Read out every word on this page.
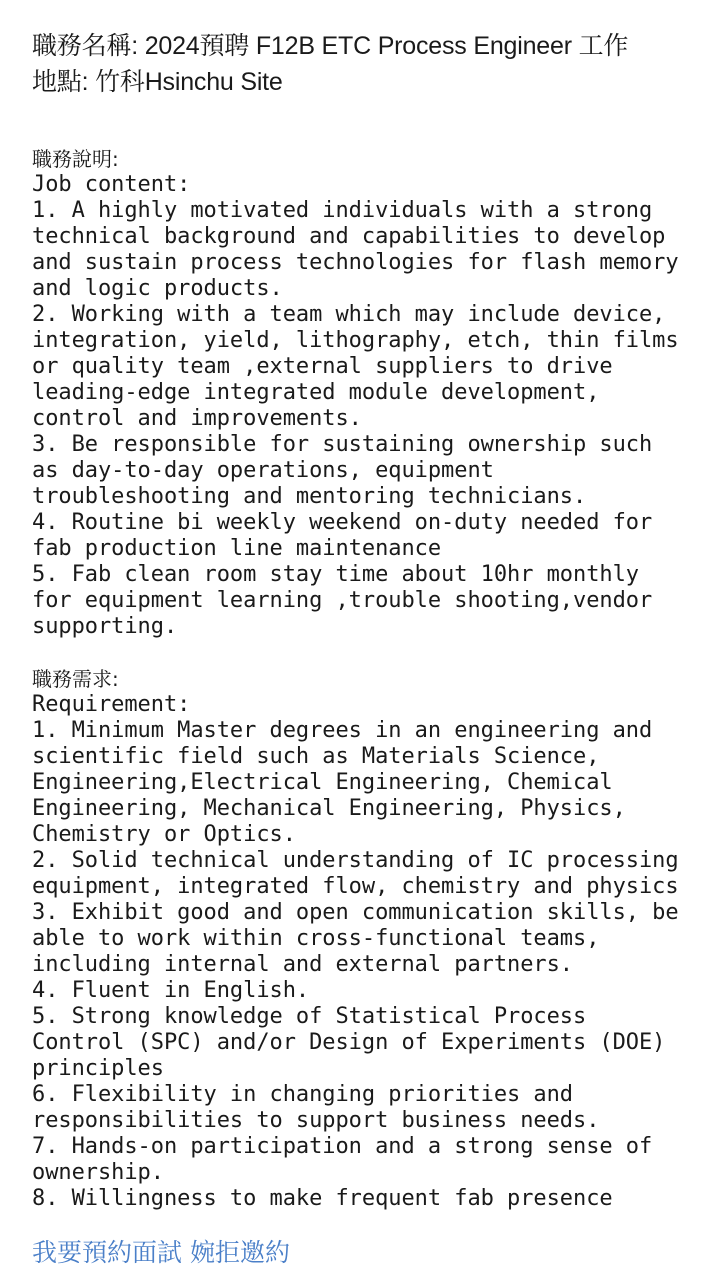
職務名稱: 2024預聘 F12B ETC Process Engineer 工作
地點: 竹科Hsinchu Site
職務說明:
Job content:
1. A highly motivated individuals with a strong
technical background and capabilities to develop
and sustain process technologies for flash memory
and logic products.
2. Working with a team which may include device,
integration, yield, lithography, etch, thin films
or quality team ,external suppliers to drive
leading-edge integrated module development,
control and improvements.
3. Be responsible for sustaining ownership such
as day-to-day operations, equipment
troubleshooting and mentoring technicians.
4. Routine bi weekly weekend on-duty needed for
fab production line maintenance
5. Fab clean room stay time about 10hr monthly
for equipment learning ,trouble shooting,vendor
supporting.
職務需求:
Requirement:
1. Minimum Master degrees in an engineering and
scientific field such as Materials Science,
Engineering,Electrical Engineering, Chemical
Engineering, Mechanical Engineering, Physics,
Chemistry or Optics.
2. Solid technical understanding of IC processing
equipment, integrated flow, chemistry and physics
3. Exhibit good and open communication skills, be
able to work within cross-functional teams,
including internal and external partners.
4. Fluent in English.
5. Strong knowledge of Statistical Process
Control (SPC) and/or Design of Experiments (DOE)
principles
6. Flexibility in changing priorities and
responsibilities to support business needs.
7. Hands-on participation and a strong sense of
ownership.
8. Willingness to make frequent fab presence
我要預約面試 婉拒邀約
